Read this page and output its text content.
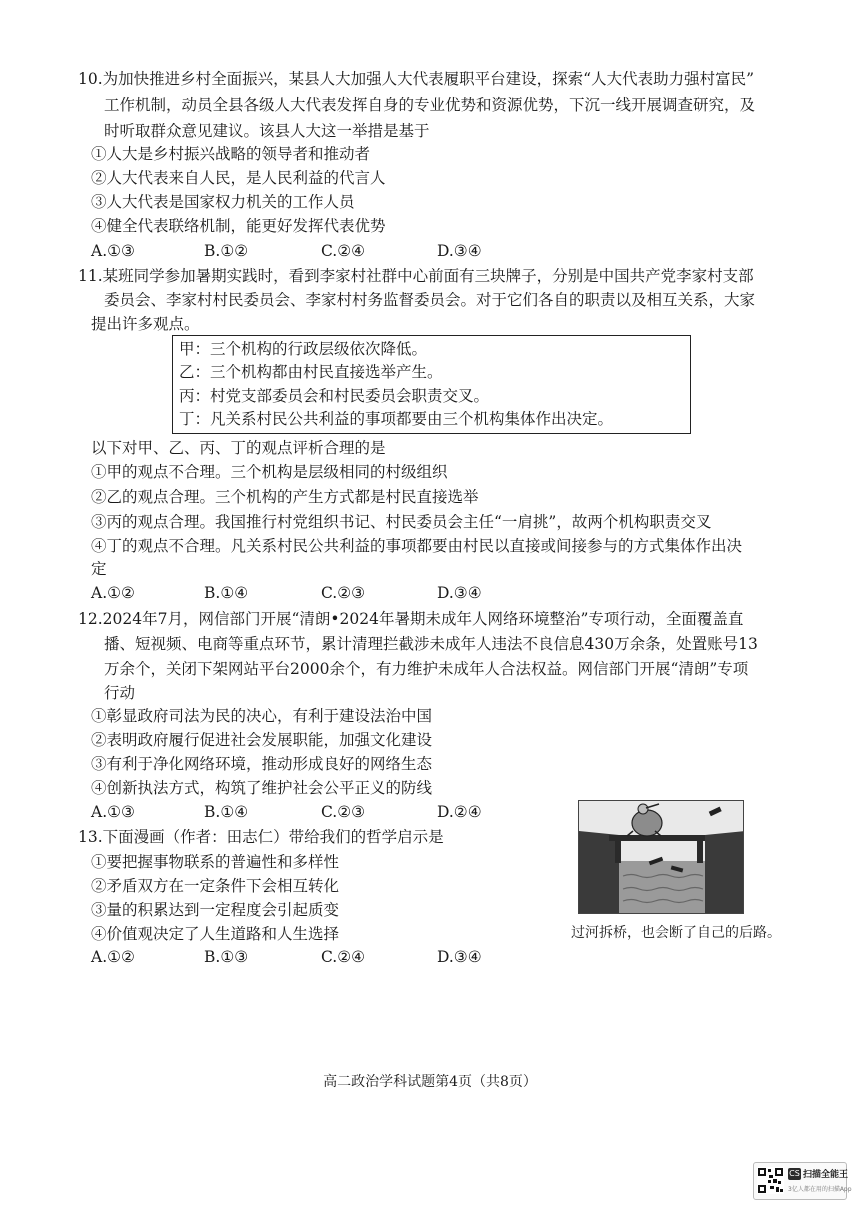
10.为加快推进乡村全面振兴，某县人大加强人大代表履职平台建设，探索“人大代表助力强村富民”
工作机制，动员全县各级人大代表发挥自身的专业优势和资源优势，下沉一线开展调查研究，及
时听取群众意见建议。该县人大这一举措是基于
①人大是乡村振兴战略的领导者和推动者
②人大代表来自人民，是人民利益的代言人
③人大代表是国家权力机关的工作人员
④健全代表联络机制，能更好发挥代表优势
A.①③	B.①②	C.②④	D.③④
11.某班同学参加暑期实践时，看到李家村社群中心前面有三块牌子，分别是中国共产党李家村支部
委员会、李家村村民委员会、李家村村务监督委员会。对于它们各自的职责以及相互关系，大家
提出许多观点。
甲：三个机构的行政层级依次降低。
乙：三个机构都由村民直接选举产生。
丙：村党支部委员会和村民委员会职责交叉。
丁：凡关系村民公共利益的事项都要由三个机构集体作出决定。
以下对甲、乙、丙、丁的观点评析合理的是
①甲的观点不合理。三个机构是层级相同的村级组织
②乙的观点合理。三个机构的产生方式都是村民直接选举
③丙的观点合理。我国推行村党组织书记、村民委员会主任“一肩挑”，故两个机构职责交叉
④丁的观点不合理。凡关系村民公共利益的事项都要由村民以直接或间接参与的方式集体作出决
定
A.①②	B.①④	C.②③	D.③④
12.2024年7月，网信部门开展“清朗•2024年暑期未成年人网络环境整治”专项行动，全面覆盖直
播、短视频、电商等重点环节，累计清理拦截涉未成年人违法不良信息430万余条，处置账号13
万余个，关闭下架网站平台2000余个，有力维护未成年人合法权益。网信部门开展“清朗”专项
行动
①彰显政府司法为民的决心，有利于建设法治中国
②表明政府履行促进社会发展职能，加强文化建设
③有利于净化网络环境，推动形成良好的网络生态
④创新执法方式，构筑了维护社会公平正义的防线
A.①③	B.①④	C.②③	D.②④
13.下面漫画（作者：田志仁）带给我们的哲学启示是
①要把握事物联系的普遍性和多样性
②矛盾双方在一定条件下会相互转化
③量的积累达到一定程度会引起质变
④价值观决定了人生道路和人生选择
A.①②	B.①③	C.②④	D.③④
过河拆桥，也会断了自己的后路。
高二政治学科试题第4页（共8页）
CS 扫描全能王
3亿人都在用的扫描App
